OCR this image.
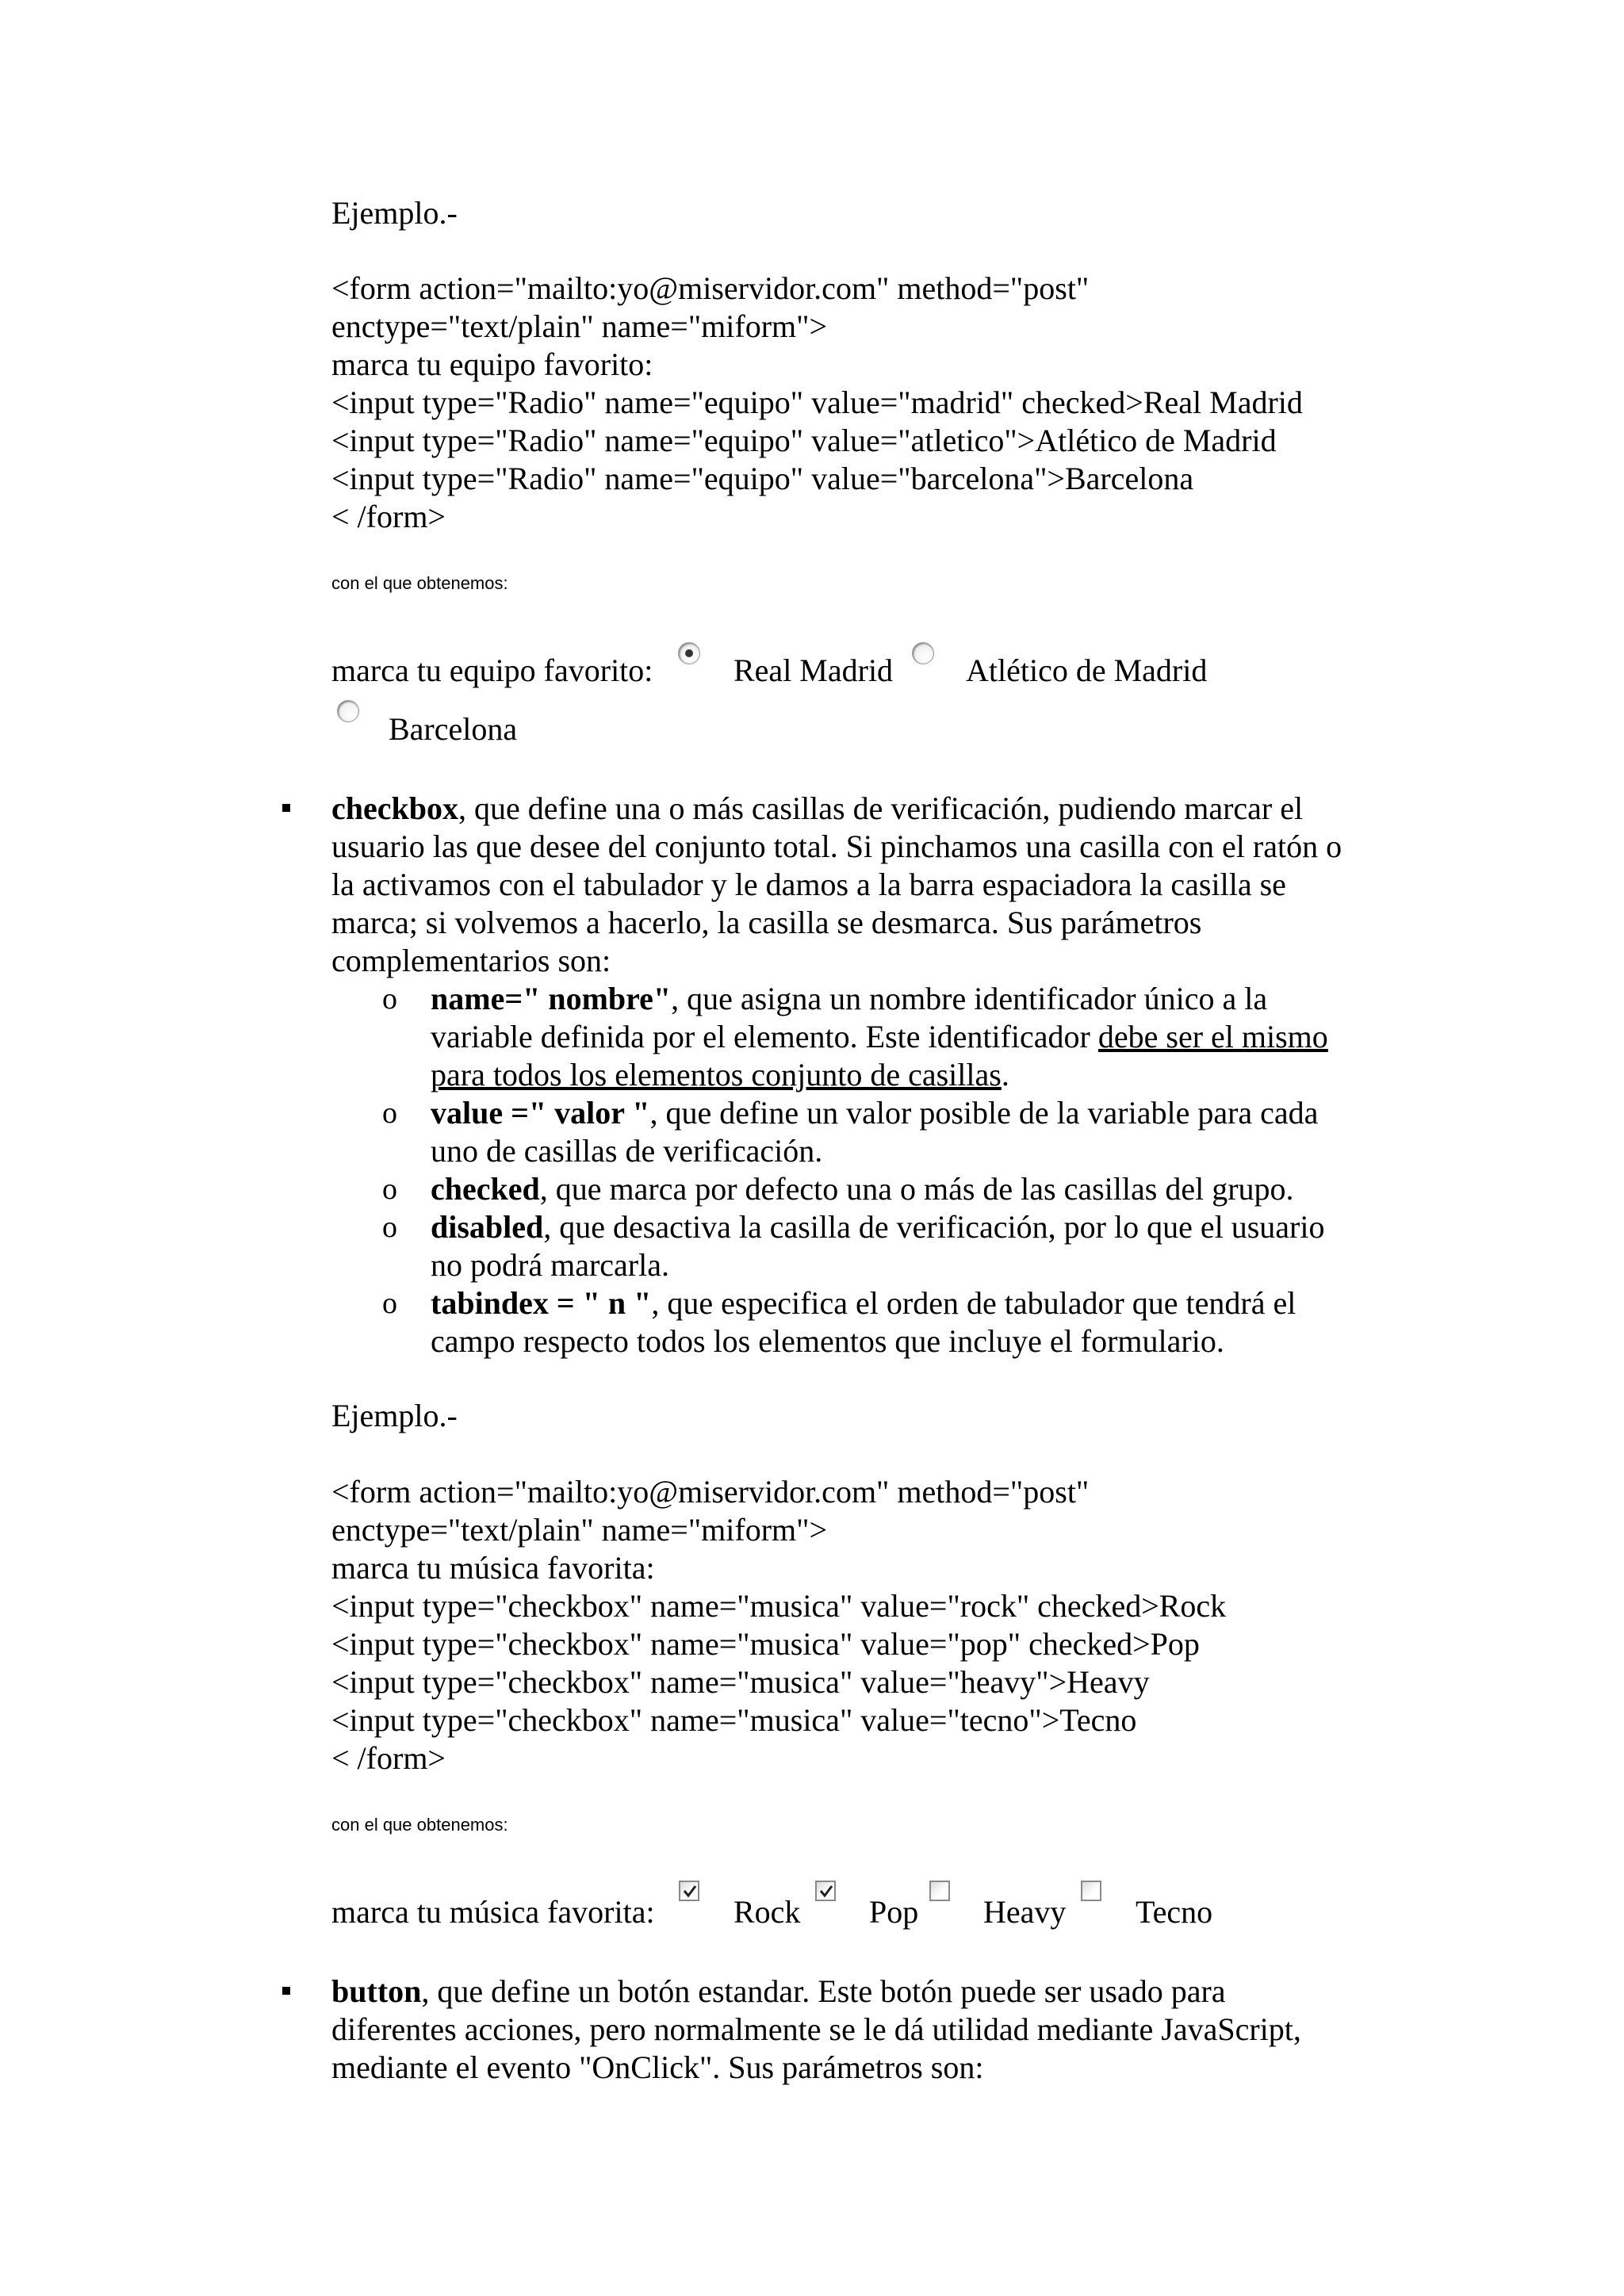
Ejemplo.-
<form action="mailto:yo@miservidor.com" method="post"
enctype="text/plain" name="miform">
marca tu equipo favorito:
<input type="Radio" name="equipo" value="madrid" checked>Real Madrid
<input type="Radio" name="equipo" value="atletico">Atlético de Madrid
<input type="Radio" name="equipo" value="barcelona">Barcelona
< /form>
con el que obtenemos:
marca tu equipo favorito:	Real Madrid Atlético de Madrid
Barcelona
checkbox, que define una o más casillas de verificación, pudiendo marcar el
usuario las que desee del conjunto total. Si pinchamos una casilla con el ratón o
la activamos con el tabulador y le damos a la barra espaciadora la casilla se
marca; si volvemos a hacerlo, la casilla se desmarca. Sus parámetros
complementarios son:
o name=" nombre", que asigna un nombre identificador único a la
variable definida por el elemento. Este identificador debe ser el mismo
para todos los elementos conjunto de casillas.
o value =" valor ", que define un valor posible de la variable para cada
uno de casillas de verificación.
o checked, que marca por defecto una o más de las casillas del grupo.
o disabled, que desactiva la casilla de verificación, por lo que el usuario
no podrá marcarla.
o tabindex = " n ", que especifica el orden de tabulador que tendrá el
campo respecto todos los elementos que incluye el formulario.
Ejemplo.-
<form action="mailto:yo@miservidor.com" method="post"
enctype="text/plain" name="miform">
marca tu música favorita:
<input type="checkbox" name="musica" value="rock" checked>Rock
<input type="checkbox" name="musica" value="pop" checked>Pop
<input type="checkbox" name="musica" value="heavy">Heavy
<input type="checkbox" name="musica" value="tecno">Tecno
< /form>
con el que obtenemos:
marca tu música favorita: Rock Pop Heavy Tecno
button, que define un botón estandar. Este botón puede ser usado para
diferentes acciones, pero normalmente se le dá utilidad mediante JavaScript,
mediante el evento "OnClick". Sus parámetros son:
